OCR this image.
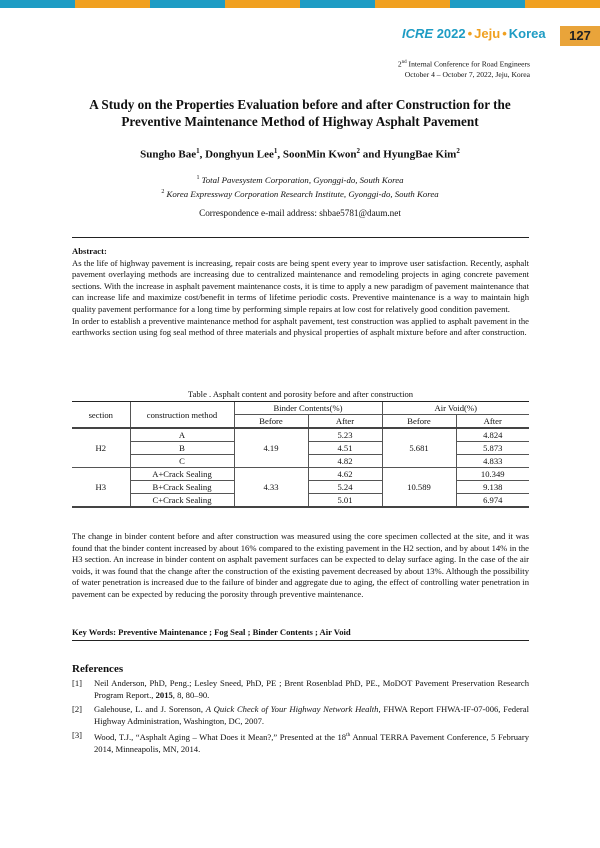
ICRE 2022 • Jeju • Korea	127
2nd Internal Conference for Road Engineers
October 4 – October 7, 2022, Jeju, Korea
A Study on the Properties Evaluation before and after Construction for the
Preventive Maintenance Method of Highway Asphalt Pavement
Sungho Bae$^1$, Donghyun Lee$^1$, SoonMin Kwon$^2$ and HyungBae Kim$^2$
$^1$ Total Pavesystem Corporation, Gyonggi-do, South Korea
$^2$ Korea Expressway Corporation Research Institute, Gyonggi-do, South Korea
Correspondence e-mail address: shbae5781@daum.net
Abstract:

As the life of highway pavement is increasing, repair costs are being spent every year to improve user satisfaction. Recently, asphalt pavement overlaying methods are increasing due to centralized maintenance and remodeling projects in aging concrete pavement sections. With the increase in asphalt pavement maintenance costs, it is time to apply a new paradigm of pavement maintenance that can increase life and maximize cost/benefit in terms of lifetime periodic costs. Preventive maintenance is a way to maintain high quality pavement performance for a long time by performing simple repairs at low cost for relatively good condition pavement.

In order to establish a preventive maintenance method for asphalt pavement, test construction was applied to asphalt pavement in the earthworks section using fog seal method of three materials and physical properties of asphalt mixture before and after construction.

Table . Asphalt content and porosity before and after construction
section	construction method	Binder Contents(%)		Air Void(%)	
		Before	After	Before	After
H2	A	4.19	5.23	5.681	4.824
	B		4.51		5.873
	C		4.82		4.833
H3	A+Crack Sealing	4.33	4.62	10.589	10.349
	B+Crack Sealing		5.24		9.138
	C+Crack Sealing		5.01		6.974

The change in binder content before and after construction was measured using the core specimen collected at the site, and it was found that the binder content increased by about 16% compared to the existing pavement in the H2 section, and by about 14% in the H3 section. An increase in binder content on asphalt pavement surfaces can be expected to delay surface aging. In the case of the air voids, it was found that the change after the construction of the existing pavement decreased by about 13%. Although the possibility of water penetration is increased due to the failure of binder and aggregate due to aging, the effect of controlling water penetration in pavement can be expected by reducing the porosity through preventive maintenance.

Key Words: Preventive Maintenance ; Fog Seal ; Binder Contents ; Air Void
References
[1]	Neil Anderson, PhD, Peng.; Lesley Sneed, PhD, PE ; Brent Rosenblad PhD, PE., MoDOT Pavement Preservation Research Program Report., 2015, 8, 80–90.
[2]	Galehouse, L. and J. Sorenson, A Quick Check of Your Highway Network Health, FHWA Report FHWA-IF-07-006, Federal Highway Administration, Washington, DC, 2007.
[3]	Wood, T.J., “Asphalt Aging – What Does it Mean?,” Presented at the 18th Annual TERRA Pavement Conference, 5 February 2014, Minneapolis, MN, 2014.
